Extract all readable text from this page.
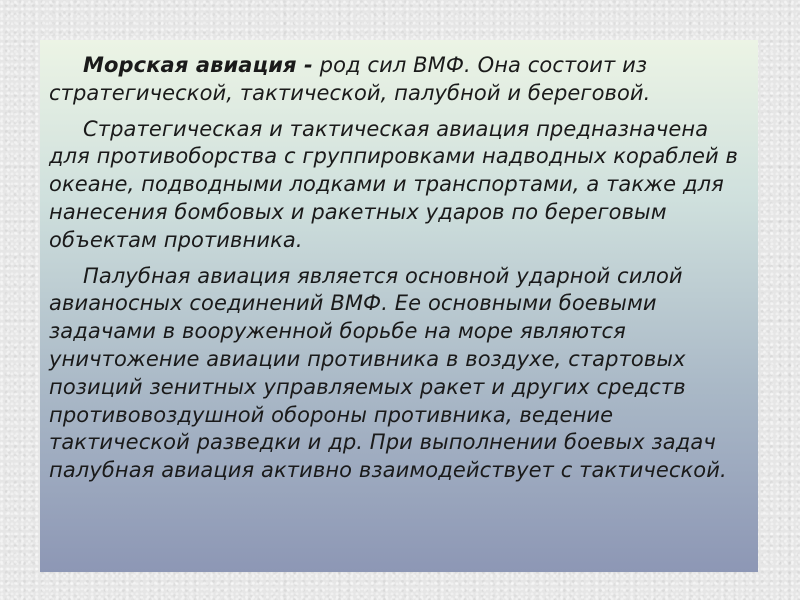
Морская авиация - род сил ВМФ. Она состоит из стратегической, тактической, палубной и береговой.

Стратегическая и тактическая авиация предназначена для противоборства с группировками надводных кораблей в океане, подводными лодками и транспортами, а также для нанесения бомбовых и ракетных ударов по береговым объектам противника.

Палубная авиация является основной ударной силой авианосных соединений ВМФ. Ее основными боевыми задачами в вооруженной борьбе на море являются уничтожение авиации противника в воздухе, стартовых позиций зенитных управляемых ракет и других средств противовоздушной обороны противника, ведение тактической разведки и др. При выполнении боевых задач палубная авиация активно взаимодействует с тактической.
